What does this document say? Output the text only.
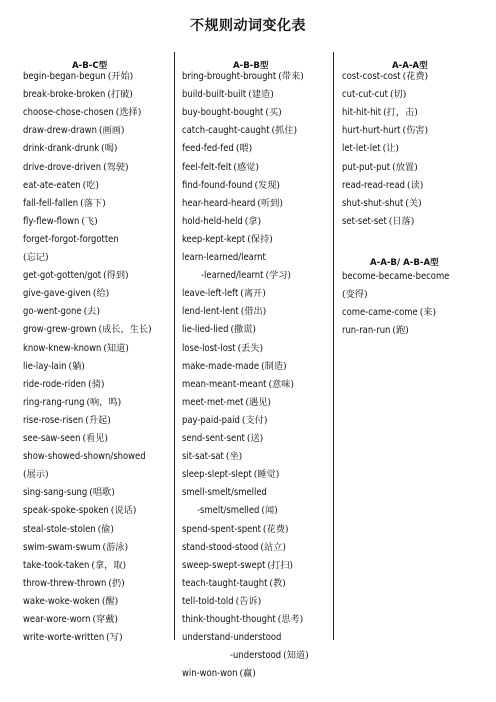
不规则动词变化表
A-B-C型
begin-began-begun (开始)
break-broke-broken (打破)
choose-chose-chosen (选择)
draw-drew-drawn (画画)
drink-drank-drunk (喝)
drive-drove-driven (驾驶)
eat-ate-eaten (吃)
fall-fell-fallen (落下)
fly-flew-flown (飞)
forget-forgot-forgotten
(忘记)
get-got-gotten/got (得到)
give-gave-given (给)
go-went-gone (去)
grow-grew-grown (成长，生长)
know-knew-known (知道)
lie-lay-lain (躺)
ride-rode-riden (骑)
ring-rang-rung (响，鸣)
rise-rose-risen (升起)
see-saw-seen (看见)
show-showed-shown/showed
(展示)
sing-sang-sung (唱歌)
speak-spoke-spoken (说话)
steal-stole-stolen (偷)
swim-swam-swum (游泳)
take-took-taken (拿，取)
throw-threw-thrown (扔)
wake-woke-woken (醒)
wear-wore-worn (穿戴)
write-worte-written (写)
A-B-B型
bring-brought-brought (带来)
build-built-built (建造)
buy-bought-bought (买)
catch-caught-caught (抓住)
feed-fed-fed (喂)
feel-felt-felt (感觉)
find-found-found (发现)
hear-heard-heard (听到)
hold-held-held (拿)
keep-kept-kept (保持)
learn-learned/learnt
-learned/learnt (学习)
leave-left-left (离开)
lend-lent-lent (借出)
lie-lied-lied (撒谎)
lose-lost-lost (丢失)
make-made-made (制造)
mean-meant-meant (意味)
meet-met-met (遇见)
pay-paid-paid (支付)
send-sent-sent (送)
sit-sat-sat (坐)
sleep-slept-slept (睡觉)
smell-smelt/smelled
-smelt/smelled (闻)
spend-spent-spent (花费)
stand-stood-stood (站立)
sweep-swept-swept (打扫)
teach-taught-taught (教)
tell-told-told (告诉)
think-thought-thought (思考)
understand-understood
-understood (知道)
win-won-won (赢)
A-A-A型
cost-cost-cost (花费)
cut-cut-cut (切)
hit-hit-hit (打，击)
hurt-hurt-hurt (伤害)
let-let-let (让)
put-put-put (放置)
read-read-read (读)
shut-shut-shut (关)
set-set-set (日落)
A-A-B/ A-B-A型
become-became-become
(变得)
come-came-come (来)
run-ran-run (跑)
